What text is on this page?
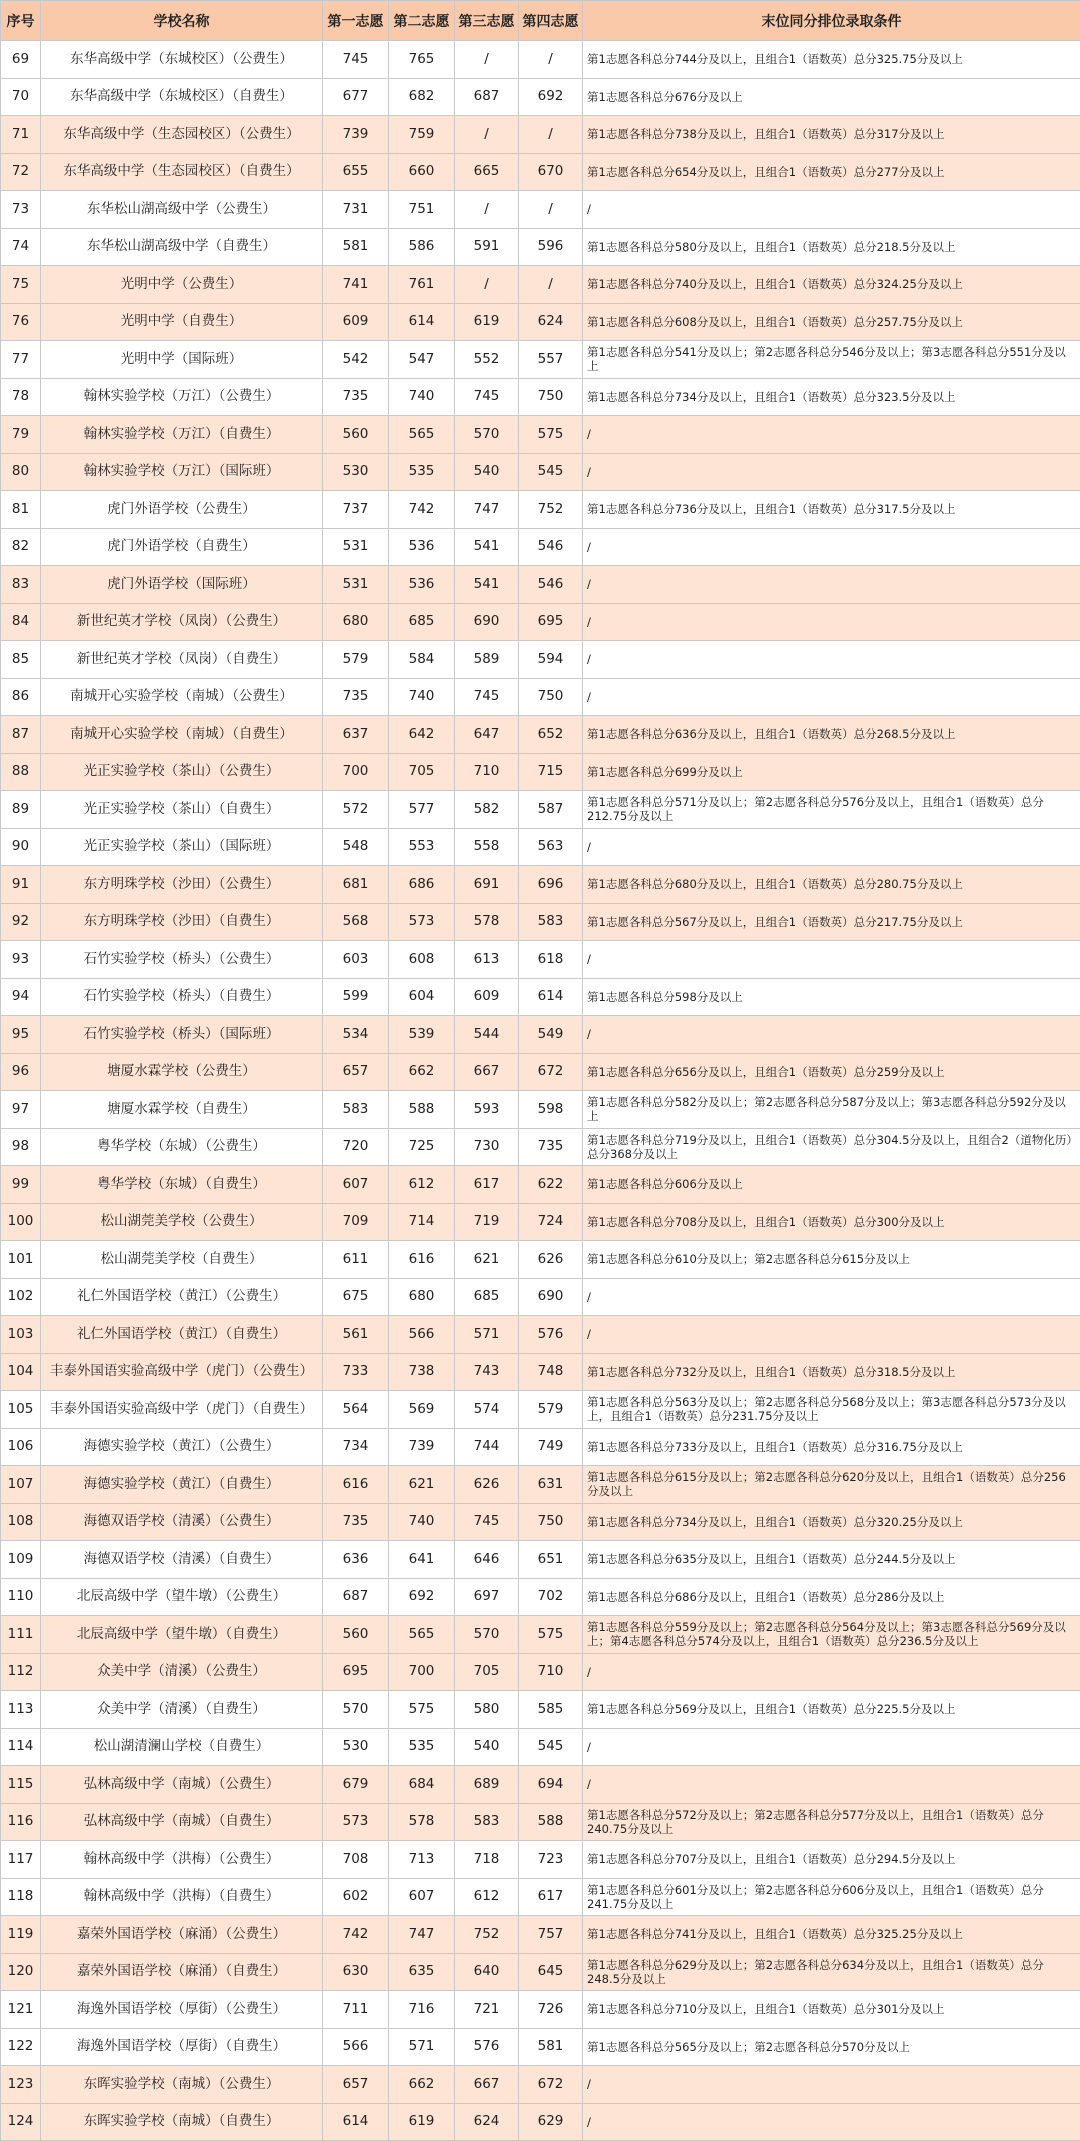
序号	学校名称	第一志愿	第二志愿	第三志愿	第四志愿	末位同分排位录取条件
69	东华高级中学（东城校区）（公费生）	745	765	/	/	第1志愿各科总分744分及以上，且组合1（语数英）总分325.75分及以上
70	东华高级中学（东城校区）（自费生）	677	682	687	692	第1志愿各科总分676分及以上
71	东华高级中学（生态园校区）（公费生）	739	759	/	/	第1志愿各科总分738分及以上，且组合1（语数英）总分317分及以上
72	东华高级中学（生态园校区）（自费生）	655	660	665	670	第1志愿各科总分654分及以上，且组合1（语数英）总分277分及以上
73	东华松山湖高级中学（公费生）	731	751	/	/	/
74	东华松山湖高级中学（自费生）	581	586	591	596	第1志愿各科总分580分及以上，且组合1（语数英）总分218.5分及以上
75	光明中学（公费生）	741	761	/	/	第1志愿各科总分740分及以上，且组合1（语数英）总分324.25分及以上
76	光明中学（自费生）	609	614	619	624	第1志愿各科总分608分及以上，且组合1（语数英）总分257.75分及以上
77	光明中学（国际班）	542	547	552	557	第1志愿各科总分541分及以上；第2志愿各科总分546分及以上；第3志愿各科总分551分及以上
78	翰林实验学校（万江）（公费生）	735	740	745	750	第1志愿各科总分734分及以上，且组合1（语数英）总分323.5分及以上
79	翰林实验学校（万江）（自费生）	560	565	570	575	/
80	翰林实验学校（万江）（国际班）	530	535	540	545	/
81	虎门外语学校（公费生）	737	742	747	752	第1志愿各科总分736分及以上，且组合1（语数英）总分317.5分及以上
82	虎门外语学校（自费生）	531	536	541	546	/
83	虎门外语学校（国际班）	531	536	541	546	/
84	新世纪英才学校（凤岗）（公费生）	680	685	690	695	/
85	新世纪英才学校（凤岗）（自费生）	579	584	589	594	/
86	南城开心实验学校（南城）（公费生）	735	740	745	750	/
87	南城开心实验学校（南城）（自费生）	637	642	647	652	第1志愿各科总分636分及以上，且组合1（语数英）总分268.5分及以上
88	光正实验学校（茶山）（公费生）	700	705	710	715	第1志愿各科总分699分及以上
89	光正实验学校（茶山）（自费生）	572	577	582	587	第1志愿各科总分571分及以上；第2志愿各科总分576分及以上，且组合1（语数英）总分212.75分及以上
90	光正实验学校（茶山）（国际班）	548	553	558	563	/
91	东方明珠学校（沙田）（公费生）	681	686	691	696	第1志愿各科总分680分及以上，且组合1（语数英）总分280.75分及以上
92	东方明珠学校（沙田）（自费生）	568	573	578	583	第1志愿各科总分567分及以上，且组合1（语数英）总分217.75分及以上
93	石竹实验学校（桥头）（公费生）	603	608	613	618	/
94	石竹实验学校（桥头）（自费生）	599	604	609	614	第1志愿各科总分598分及以上
95	石竹实验学校（桥头）（国际班）	534	539	544	549	/
96	塘厦水霖学校（公费生）	657	662	667	672	第1志愿各科总分656分及以上，且组合1（语数英）总分259分及以上
97	塘厦水霖学校（自费生）	583	588	593	598	第1志愿各科总分582分及以上；第2志愿各科总分587分及以上；第3志愿各科总分592分及以上
98	粤华学校（东城）（公费生）	720	725	730	735	第1志愿各科总分719分及以上，且组合1（语数英）总分304.5分及以上，且组合2（道物化历）总分368分及以上
99	粤华学校（东城）（自费生）	607	612	617	622	第1志愿各科总分606分及以上
100	松山湖莞美学校（公费生）	709	714	719	724	第1志愿各科总分708分及以上，且组合1（语数英）总分300分及以上
101	松山湖莞美学校（自费生）	611	616	621	626	第1志愿各科总分610分及以上；第2志愿各科总分615分及以上
102	礼仁外国语学校（黄江）（公费生）	675	680	685	690	/
103	礼仁外国语学校（黄江）（自费生）	561	566	571	576	/
104	丰泰外国语实验高级中学（虎门）（公费生）	733	738	743	748	第1志愿各科总分732分及以上，且组合1（语数英）总分318.5分及以上
105	丰泰外国语实验高级中学（虎门）（自费生）	564	569	574	579	第1志愿各科总分563分及以上；第2志愿各科总分568分及以上；第3志愿各科总分573分及以上，且组合1（语数英）总分231.75分及以上
106	海德实验学校（黄江）（公费生）	734	739	744	749	第1志愿各科总分733分及以上，且组合1（语数英）总分316.75分及以上
107	海德实验学校（黄江）（自费生）	616	621	626	631	第1志愿各科总分615分及以上；第2志愿各科总分620分及以上，且组合1（语数英）总分256分及以上
108	海德双语学校（清溪）（公费生）	735	740	745	750	第1志愿各科总分734分及以上，且组合1（语数英）总分320.25分及以上
109	海德双语学校（清溪）（自费生）	636	641	646	651	第1志愿各科总分635分及以上，且组合1（语数英）总分244.5分及以上
110	北辰高级中学（望牛墩）（公费生）	687	692	697	702	第1志愿各科总分686分及以上，且组合1（语数英）总分286分及以上
111	北辰高级中学（望牛墩）（自费生）	560	565	570	575	第1志愿各科总分559分及以上；第2志愿各科总分564分及以上；第3志愿各科总分569分及以上；第4志愿各科总分574分及以上，且组合1（语数英）总分236.5分及以上
112	众美中学（清溪）（公费生）	695	700	705	710	/
113	众美中学（清溪）（自费生）	570	575	580	585	第1志愿各科总分569分及以上，且组合1（语数英）总分225.5分及以上
114	松山湖清澜山学校（自费生）	530	535	540	545	/
115	弘林高级中学（南城）（公费生）	679	684	689	694	/
116	弘林高级中学（南城）（自费生）	573	578	583	588	第1志愿各科总分572分及以上；第2志愿各科总分577分及以上，且组合1（语数英）总分240.75分及以上
117	翰林高级中学（洪梅）（公费生）	708	713	718	723	第1志愿各科总分707分及以上，且组合1（语数英）总分294.5分及以上
118	翰林高级中学（洪梅）（自费生）	602	607	612	617	第1志愿各科总分601分及以上；第2志愿各科总分606分及以上，且组合1（语数英）总分241.75分及以上
119	嘉荣外国语学校（麻涌）（公费生）	742	747	752	757	第1志愿各科总分741分及以上，且组合1（语数英）总分325.25分及以上
120	嘉荣外国语学校（麻涌）（自费生）	630	635	640	645	第1志愿各科总分629分及以上；第2志愿各科总分634分及以上，且组合1（语数英）总分248.5分及以上
121	海逸外国语学校（厚街）（公费生）	711	716	721	726	第1志愿各科总分710分及以上，且组合1（语数英）总分301分及以上
122	海逸外国语学校（厚街）（自费生）	566	571	576	581	第1志愿各科总分565分及以上；第2志愿各科总分570分及以上
123	东晖实验学校（南城）（公费生）	657	662	667	672	/
124	东晖实验学校（南城）（自费生）	614	619	624	629	/
